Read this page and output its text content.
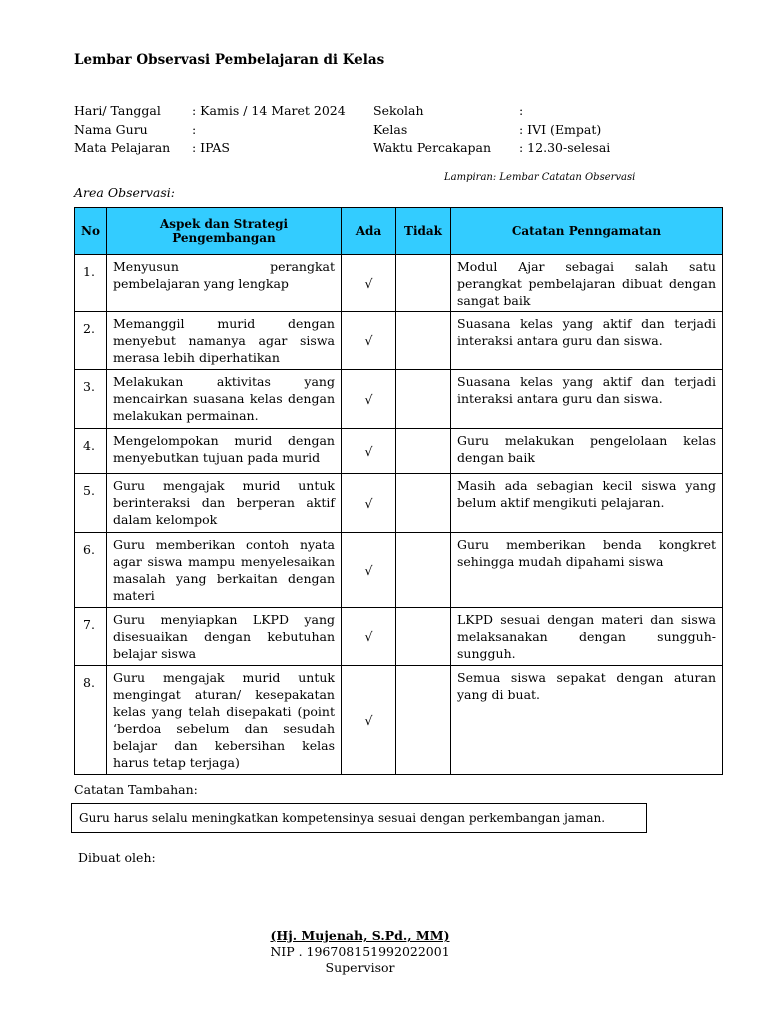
Lembar Observasi Pembelajaran di Kelas
Hari/ Tanggal : Kamis / 14 Maret 2024 Sekolah	:
Nama Guru	:	Kelas	: IVI (Empat)
Mata Pelajaran : IPAS	Waktu Percakapan : 12.30-selesai
Lampiran: Lembar Catatan Observasi
Area Observasi:
No	Aspek dan Strategi Pengembangan	Ada	Tidak	Catatan Penngamatan
1.	Menyusun perangkat pembelajaran yang lengkap	√		Modul Ajar sebagai salah satu perangkat pembelajaran dibuat dengan sangat baik
2.	Memanggil murid dengan menyebut namanya agar siswa merasa lebih diperhatikan	√		Suasana kelas yang aktif dan terjadi interaksi antara guru dan siswa.
3.	Melakukan aktivitas yang mencairkan suasana kelas dengan melakukan permainan.	√		Suasana kelas yang aktif dan terjadi interaksi antara guru dan siswa.
4.	Mengelompokan murid dengan menyebutkan tujuan pada murid	√		Guru melakukan pengelolaan kelas dengan baik
5.	Guru mengajak murid untuk berinteraksi dan berperan aktif dalam kelompok	√		Masih ada sebagian kecil siswa yang belum aktif mengikuti pelajaran.
6.	Guru memberikan contoh nyata agar siswa mampu menyelesaikan masalah yang berkaitan dengan materi	√		Guru memberikan benda kongkret sehingga mudah dipahami siswa
7.	Guru menyiapkan LKPD yang disesuaikan dengan kebutuhan belajar siswa	√		LKPD sesuai dengan materi dan siswa melaksanakan dengan sungguh-sungguh.
8.	Guru mengajak murid untuk mengingat aturan/ kesepakatan kelas yang telah disepakati (point ‘berdoa sebelum dan sesudah belajar dan kebersihan kelas harus tetap terjaga)	√		Semua siswa sepakat dengan aturan yang di buat.
Catatan Tambahan:
Guru harus selalu meningkatkan kompetensinya sesuai dengan perkembangan jaman.
Dibuat oleh:
(Hj. Mujenah, S.Pd., MM)
NIP . 196708151992022001
Supervisor
